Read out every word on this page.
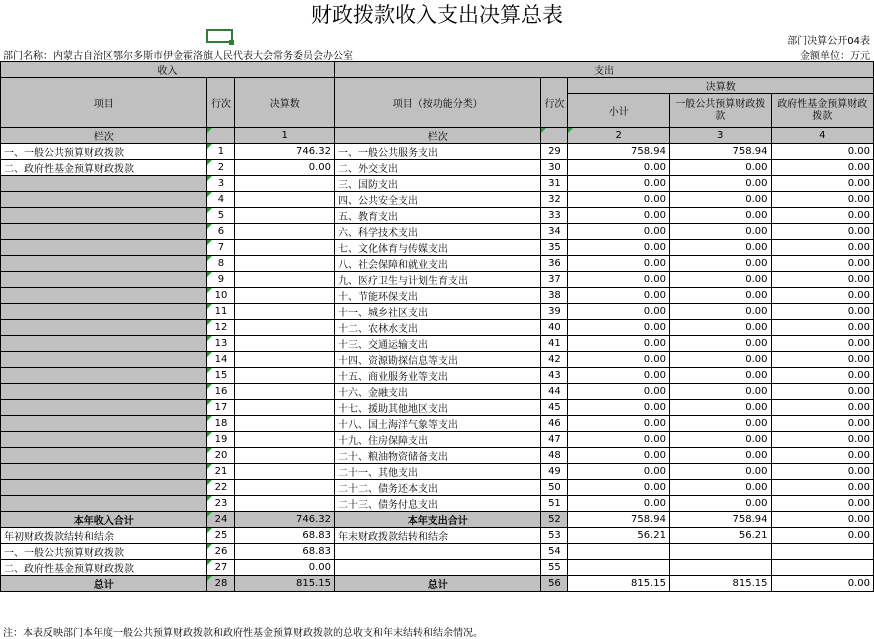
财政拨款收入支出决算总表
部门决算公开04表
部门名称：内蒙古自治区鄂尔多斯市伊金霍洛旗人民代表大会常务委员会办公室	金额单位：万元
收入			支出				
项目	行次	决算数	项目（按功能分类）	行次	决算数		
					小计	一般公共预算财政拨款	政府性基金预算财政拨款
栏次		1	栏次		2	3	4
一、一般公共预算财政拨款	1	746.32	一、一般公共服务支出	29	758.94	758.94	0.00
二、政府性基金预算财政拨款	2	0.00	二、外交支出	30	0.00	0.00	0.00
	3		三、国防支出	31	0.00	0.00	0.00
	4		四、公共安全支出	32	0.00	0.00	0.00
	5		五、教育支出	33	0.00	0.00	0.00
	6		六、科学技术支出	34	0.00	0.00	0.00
	7		七、文化体育与传媒支出	35	0.00	0.00	0.00
	8		八、社会保障和就业支出	36	0.00	0.00	0.00
	9		九、医疗卫生与计划生育支出	37	0.00	0.00	0.00
	10		十、节能环保支出	38	0.00	0.00	0.00
	11		十一、城乡社区支出	39	0.00	0.00	0.00
	12		十二、农林水支出	40	0.00	0.00	0.00
	13		十三、交通运输支出	41	0.00	0.00	0.00
	14		十四、资源勘探信息等支出	42	0.00	0.00	0.00
	15		十五、商业服务业等支出	43	0.00	0.00	0.00
	16		十六、金融支出	44	0.00	0.00	0.00
	17		十七、援助其他地区支出	45	0.00	0.00	0.00
	18		十八、国土海洋气象等支出	46	0.00	0.00	0.00
	19		十九、住房保障支出	47	0.00	0.00	0.00
	20		二十、粮油物资储备支出	48	0.00	0.00	0.00
	21		二十一、其他支出	49	0.00	0.00	0.00
	22		二十二、债务还本支出	50	0.00	0.00	0.00
	23		二十三、债务付息支出	51	0.00	0.00	0.00
本年收入合计	24	746.32	本年支出合计	52	758.94	758.94	0.00
年初财政拨款结转和结余	25	68.83	年末财政拨款结转和结余	53	56.21	56.21	0.00
一、一般公共预算财政拨款	26	68.83		54			
二、政府性基金预算财政拨款	27	0.00		55			
总计	28	815.15	总计	56	815.15	815.15	0.00
注：本表反映部门本年度一般公共预算财政拨款和政府性基金预算财政拨款的总收支和年末结转和结余情况。
